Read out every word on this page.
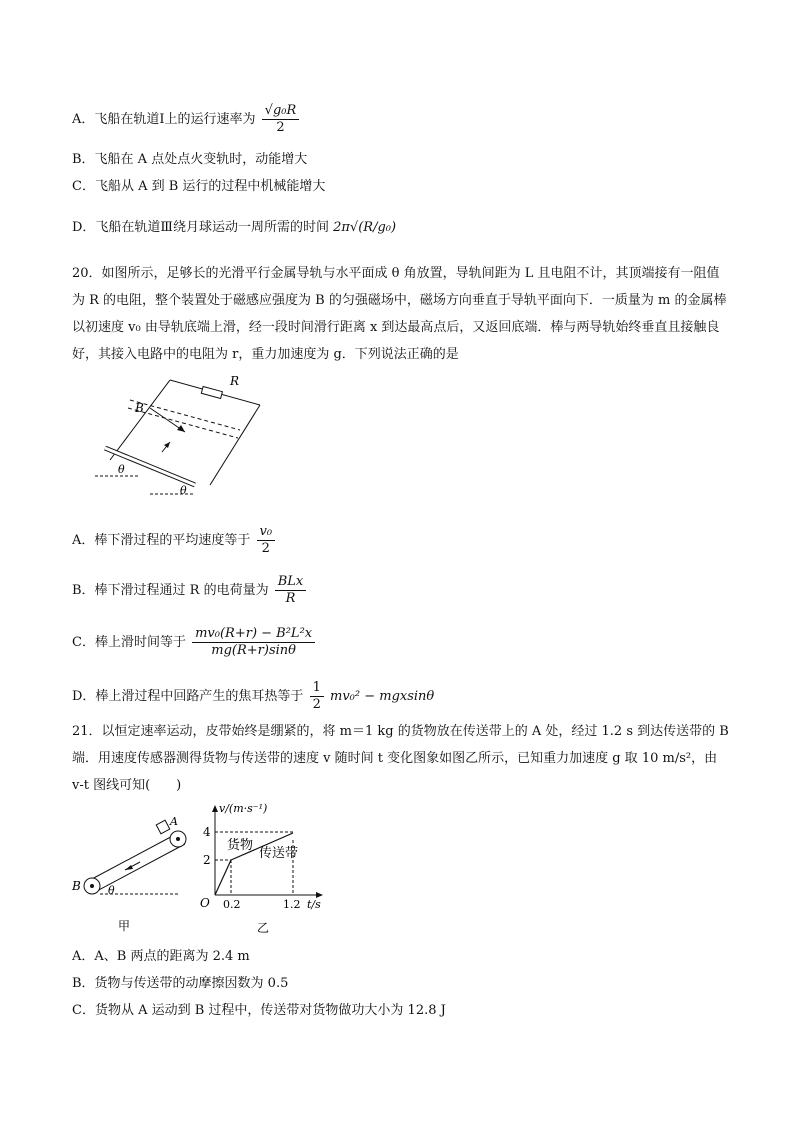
A．飞船在轨道Ⅰ上的运行速率为 $\frac{\text{√g₀R}}{2}$
B．飞船在 A 点处点火变轨时，动能增大
C．飞船从 A 到 B 运行的过程中机械能增大
D．飞船在轨道Ⅲ绕月球运动一周所需的时间 2π√(R/g₀)
20．如图所示，足够长的光滑平行金属导轨与水平面成 θ 角放置，导轨间距为 L 且电阻不计，其顶端接有一阻值为 R 的电阻，整个装置处于磁感应强度为 B 的匀强磁场中，磁场方向垂直于导轨平面向下．一质量为 m 的金属棒以初速度 v₀ 由导轨底端上滑，经一段时间滑行距离 x 到达最高点后，又返回底端．棒与两导轨始终垂直且接触良好，其接入电路中的电阻为 r，重力加速度为 g．下列说法正确的是
θ
θ
R
B
A．棒下滑过程的平均速度等于 $\frac{\text{v₀}}{2}$
B．棒下滑过程通过 R 的电荷量为 $\frac{\text{BLx}}{R}$
C．棒上滑时间等于 $\frac{\text{mv₀(R+r) − B²L²x}}{mg(R+r)\sin\theta}$
D．棒上滑过程中回路产生的焦耳热等于 $\frac{1}{2} mv_0^2 - mgxsin\theta$
21．以恒定速率运动，皮带始终是绷紧的，将 m＝1 kg 的货物放在传送带上的 A 处，经过 1.2 s 到达传送带的 B 端．用速度传感器测得货物与传送带的速度 v 随时间 t 变化图象如图乙所示，已知重力加速度 g 取 10 m/s²，由 v-t 图线可知(　　)
A
B θ
甲
v/(m·s⁻¹)
t/s
O
4
2
0.2	1.2
货物
传送带
乙
A．A、B 两点的距离为 2.4 m
B．货物与传送带的动摩擦因数为 0.5
C．货物从 A 运动到 B 过程中，传送带对货物做功大小为 12.8 J
